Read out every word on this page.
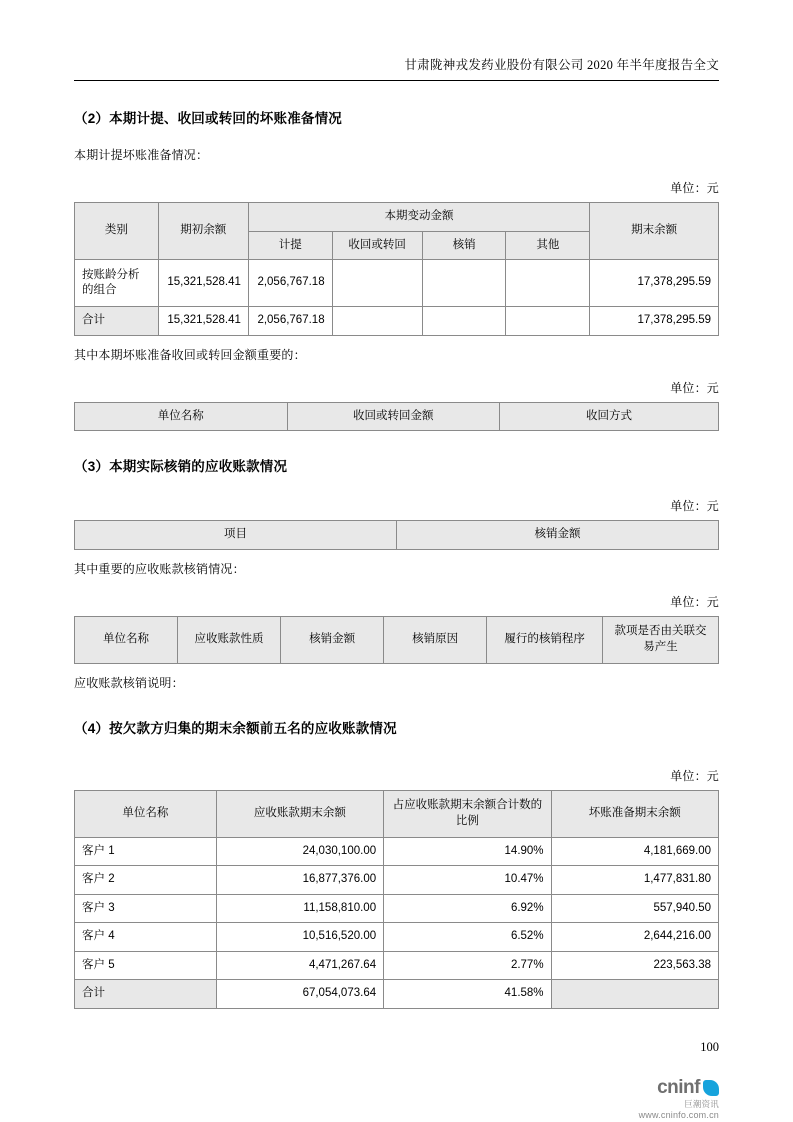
甘肃陇神戎发药业股份有限公司 2020 年半年度报告全文
（2）本期计提、收回或转回的坏账准备情况
本期计提坏账准备情况：
单位：元
类别	期初余额	本期变动金额				期末余额
		计提	收回或转回	核销	其他	
按账龄分析的组合	15,321,528.41	2,056,767.18				17,378,295.59
合计	15,321,528.41	2,056,767.18				17,378,295.59
其中本期坏账准备收回或转回金额重要的：
单位：元
单位名称	收回或转回金额	收回方式
（3）本期实际核销的应收账款情况
单位：元
项目	核销金额
其中重要的应收账款核销情况：
单位：元
单位名称	应收账款性质	核销金额	核销原因	履行的核销程序	款项是否由关联交易产生
应收账款核销说明：
（4）按欠款方归集的期末余额前五名的应收账款情况
单位：元
单位名称	应收账款期末余额	占应收账款期末余额合计数的比例	坏账准备期末余额
客户 1	24,030,100.00	14.90%	4,181,669.00
客户 2	16,877,376.00	10.47%	1,477,831.80
客户 3	11,158,810.00	6.92%	557,940.50
客户 4	10,516,520.00	6.52%	2,644,216.00
客户 5	4,471,267.64	2.77%	223,563.38
合计	67,054,073.64	41.58%	
100
cninf
巨潮资讯
www.cninfo.com.cn
